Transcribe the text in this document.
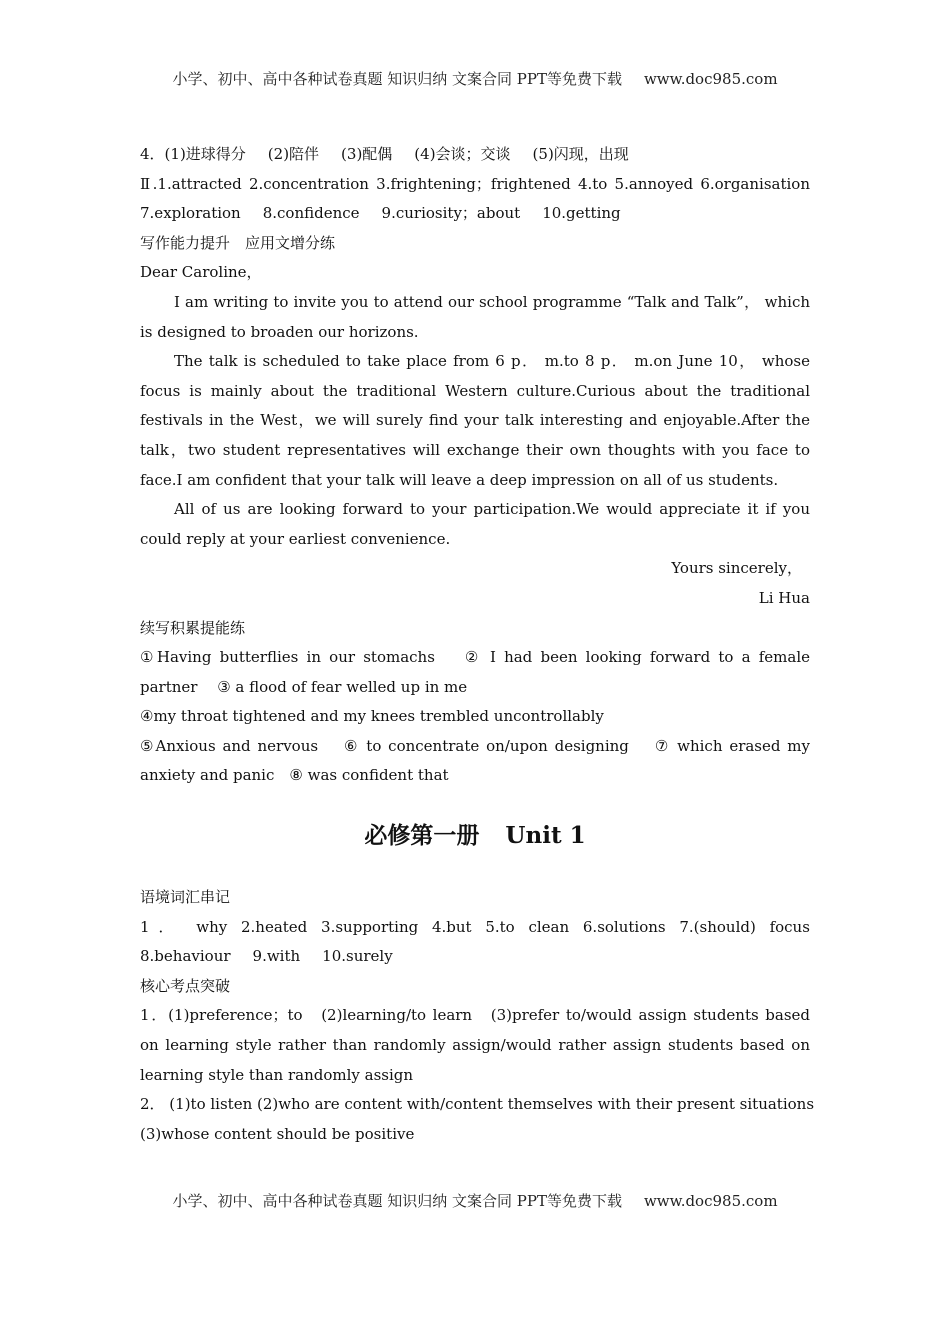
小学、初中、高中各种试卷真题 知识归纳 文案合同 PPT等免费下载 www.doc985.com
4．(1)进球得分 (2)陪伴 (3)配偶 (4)会谈；交谈 (5)闪现，出现
Ⅱ.1.attracted 2.concentration 3.frightening；frightened 4.to 5.annoyed 6.organisation
7.exploration 8.confidence 9.curiosity；about 10.getting
写作能力提升　应用文增分练
Dear Caroline，
I am writing to invite you to attend our school programme “Talk and Talk”， which is designed to broaden our horizons.
The talk is scheduled to take place from 6 p． m.to 8 p． m.on June 10， whose focus is mainly about the traditional Western culture.Curious about the traditional festivals in the West，we will surely find your talk interesting and enjoyable.After the talk，two student representatives will exchange their own thoughts with you face to face.I am confident that your talk will leave a deep impression on all of us students.
All of us are looking forward to your participation.We would appreciate it if you could reply at your earliest convenience.
Yours sincerely，
Li Hua
续写积累提能练
①Having butterflies in our stomachs　 ② I had been looking forward to a female partner　 ③ a flood of fear welled up in me
④my throat tightened and my knees trembled uncontrollably
⑤Anxious and nervous　 ⑥ to concentrate on/upon designing　 ⑦ which erased my anxiety and panic　⑧ was confident that
必修第一册 Unit 1
语境词汇串记
1． why 2.heated 3.supporting 4.but 5.to clean 6.solutions 7.(should) focus
8.behaviour 9.with 10.surely
核心考点突破
1．(1)preference；to　(2)learning/to learn　(3)prefer to/would assign students based on learning style rather than randomly assign/would rather assign students based on learning style than randomly assign
2． (1)to listen (2)who are content with/content themselves with their present situations
(3)whose content should be positive
小学、初中、高中各种试卷真题 知识归纳 文案合同 PPT等免费下载 www.doc985.com
